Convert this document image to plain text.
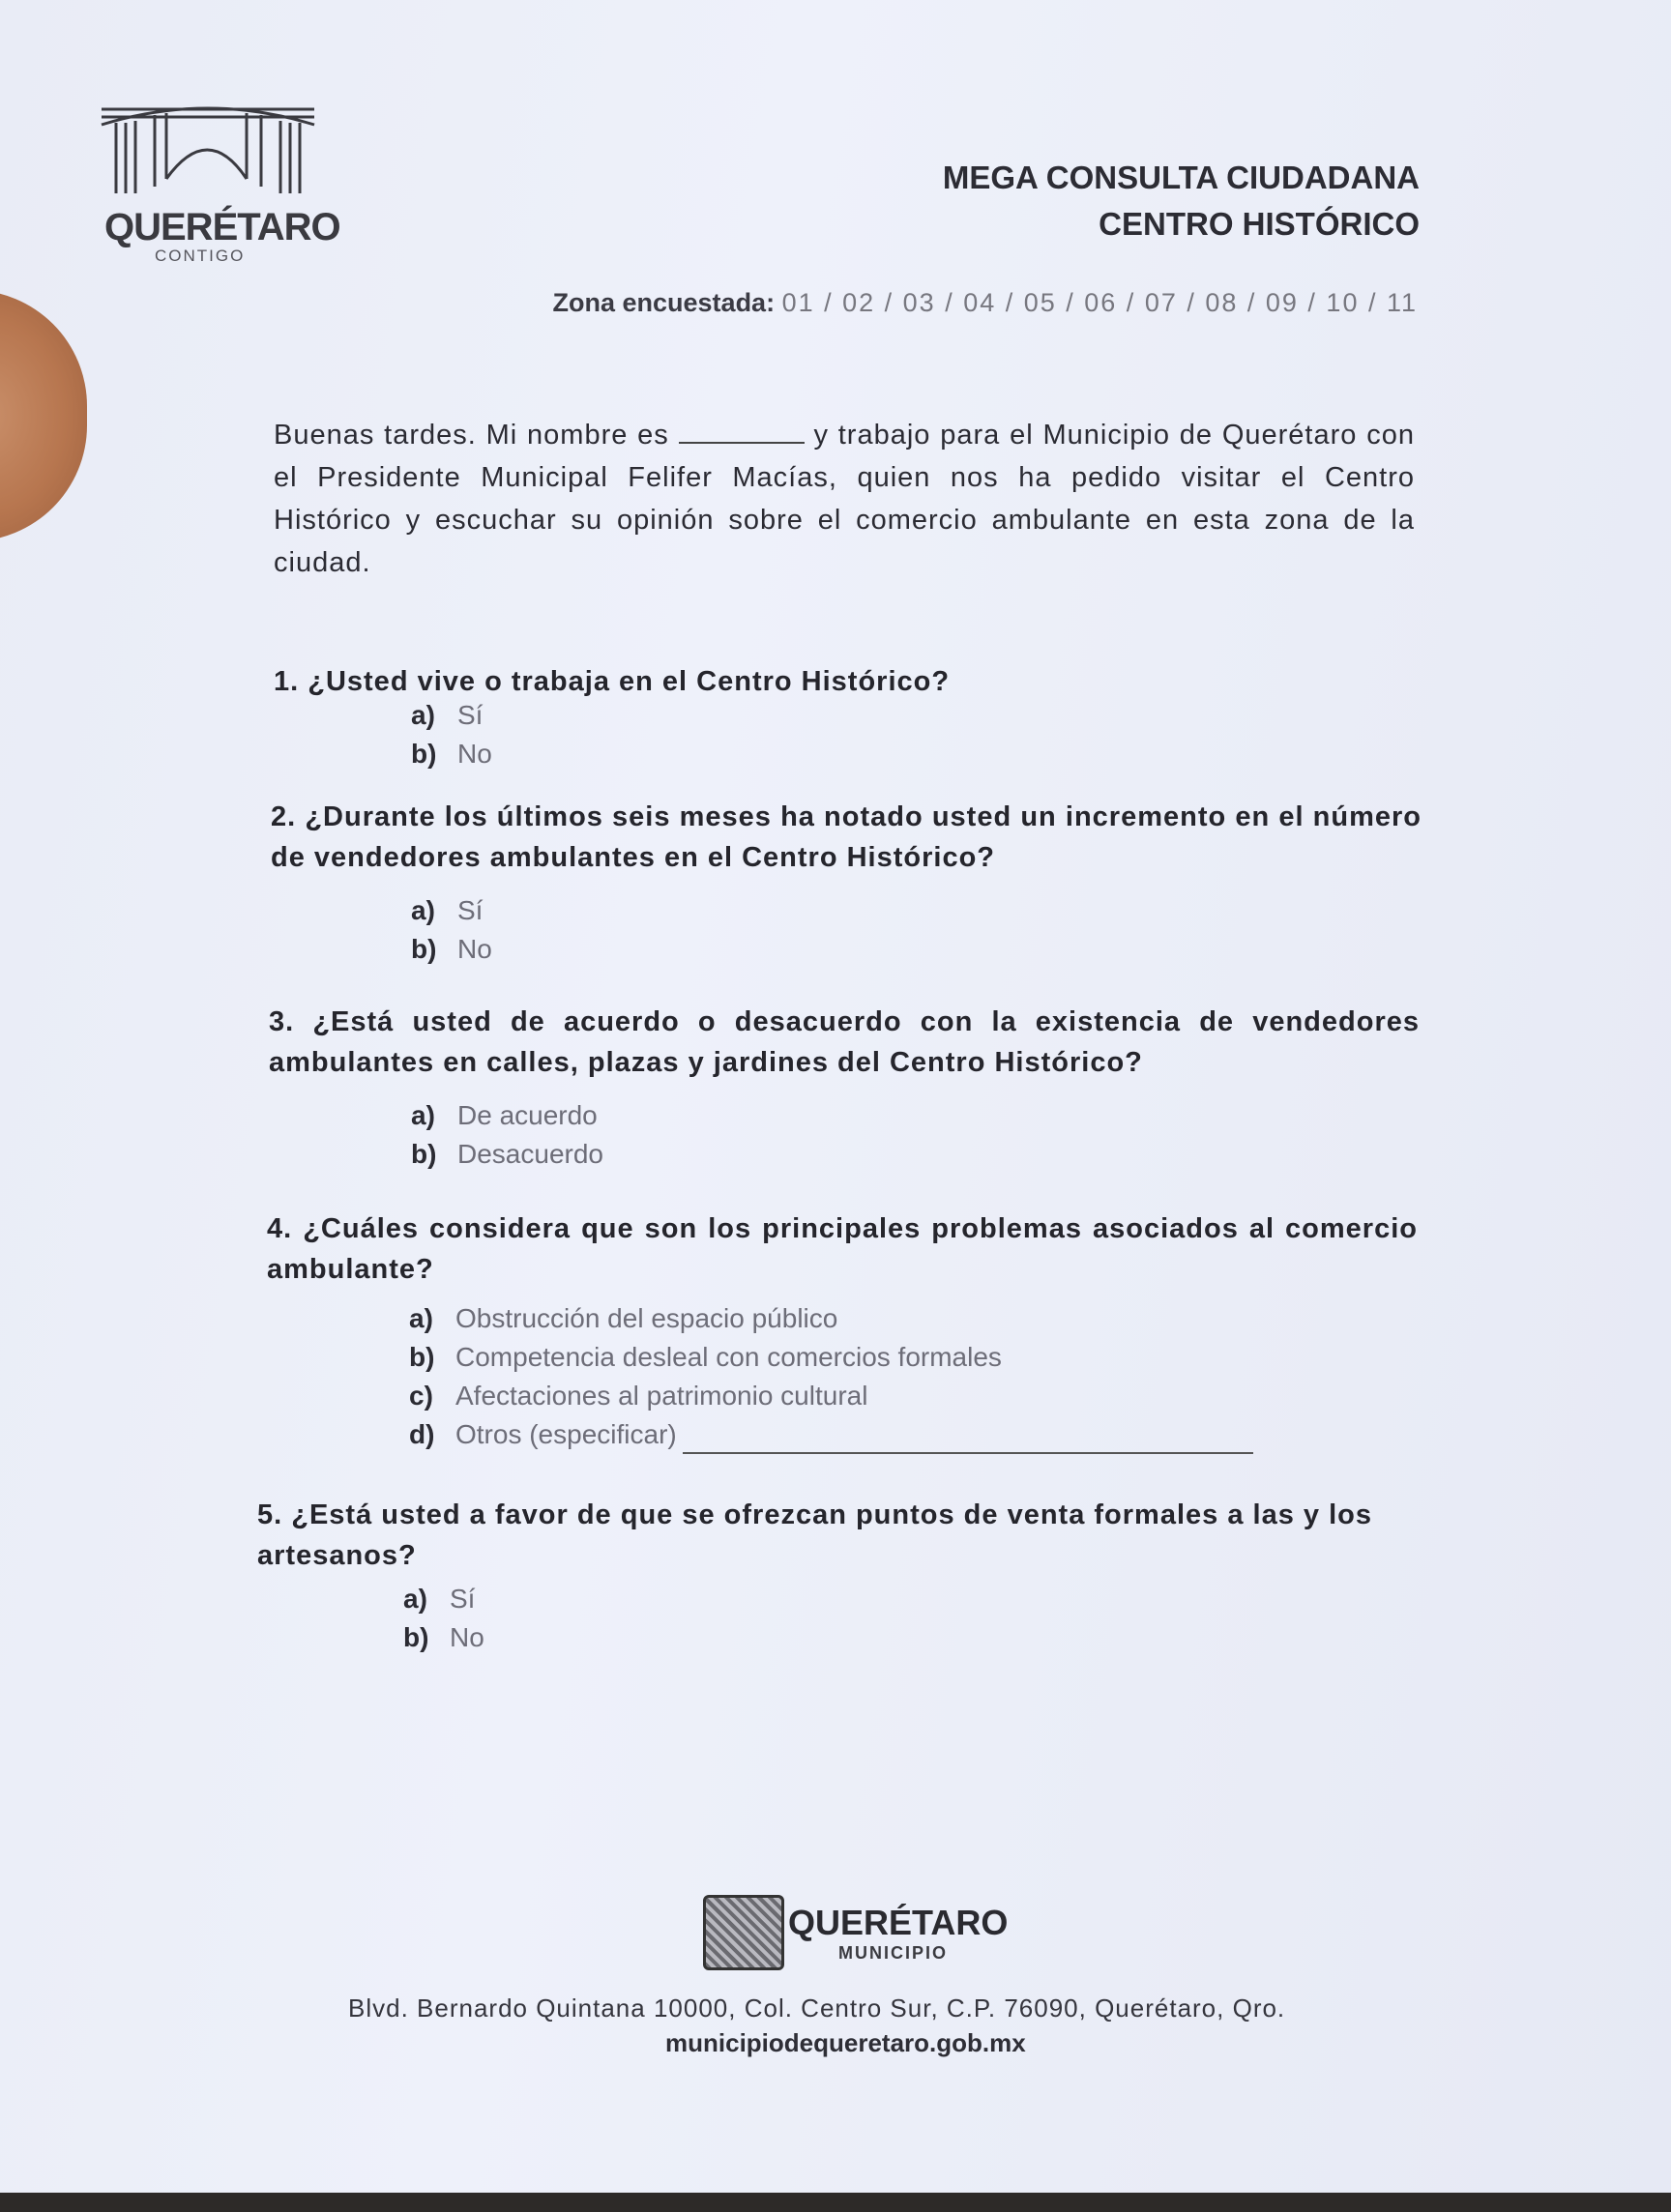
QUERÉTARO
CONTIGO
MEGA CONSULTA CIUDADANA
CENTRO HISTÓRICO
Zona encuestada: 01 / 02 / 03 / 04 / 05 / 06 / 07 / 08 / 09 / 10 / 11
Buenas tardes. Mi nombre es	y trabajo para el Municipio de Querétaro con el Presidente Municipal Felifer Macías, quien nos ha pedido visitar el Centro Histórico y escuchar su opinión sobre el comercio ambulante en esta zona de la ciudad.
1. ¿Usted vive o trabaja en el Centro Histórico?
a) Sí
b) No
2. ¿Durante los últimos seis meses ha notado usted un incremento en el número de vendedores ambulantes en el Centro Histórico?
a) Sí
b) No
3. ¿Está usted de acuerdo o desacuerdo con la existencia de vendedores ambulantes en calles, plazas y jardines del Centro Histórico?
a) De acuerdo
b) Desacuerdo
4. ¿Cuáles considera que son los principales problemas asociados al comercio ambulante?
a) Obstrucción del espacio público
b) Competencia desleal con comercios formales
c) Afectaciones al patrimonio cultural
d) Otros (especificar)
5. ¿Está usted a favor de que se ofrezcan puntos de venta formales a las y los artesanos?
a) Sí
b) No
QUERÉTARO
MUNICIPIO
Blvd. Bernardo Quintana 10000, Col. Centro Sur, C.P. 76090, Querétaro, Qro.
municipiodequeretaro.gob.mx
